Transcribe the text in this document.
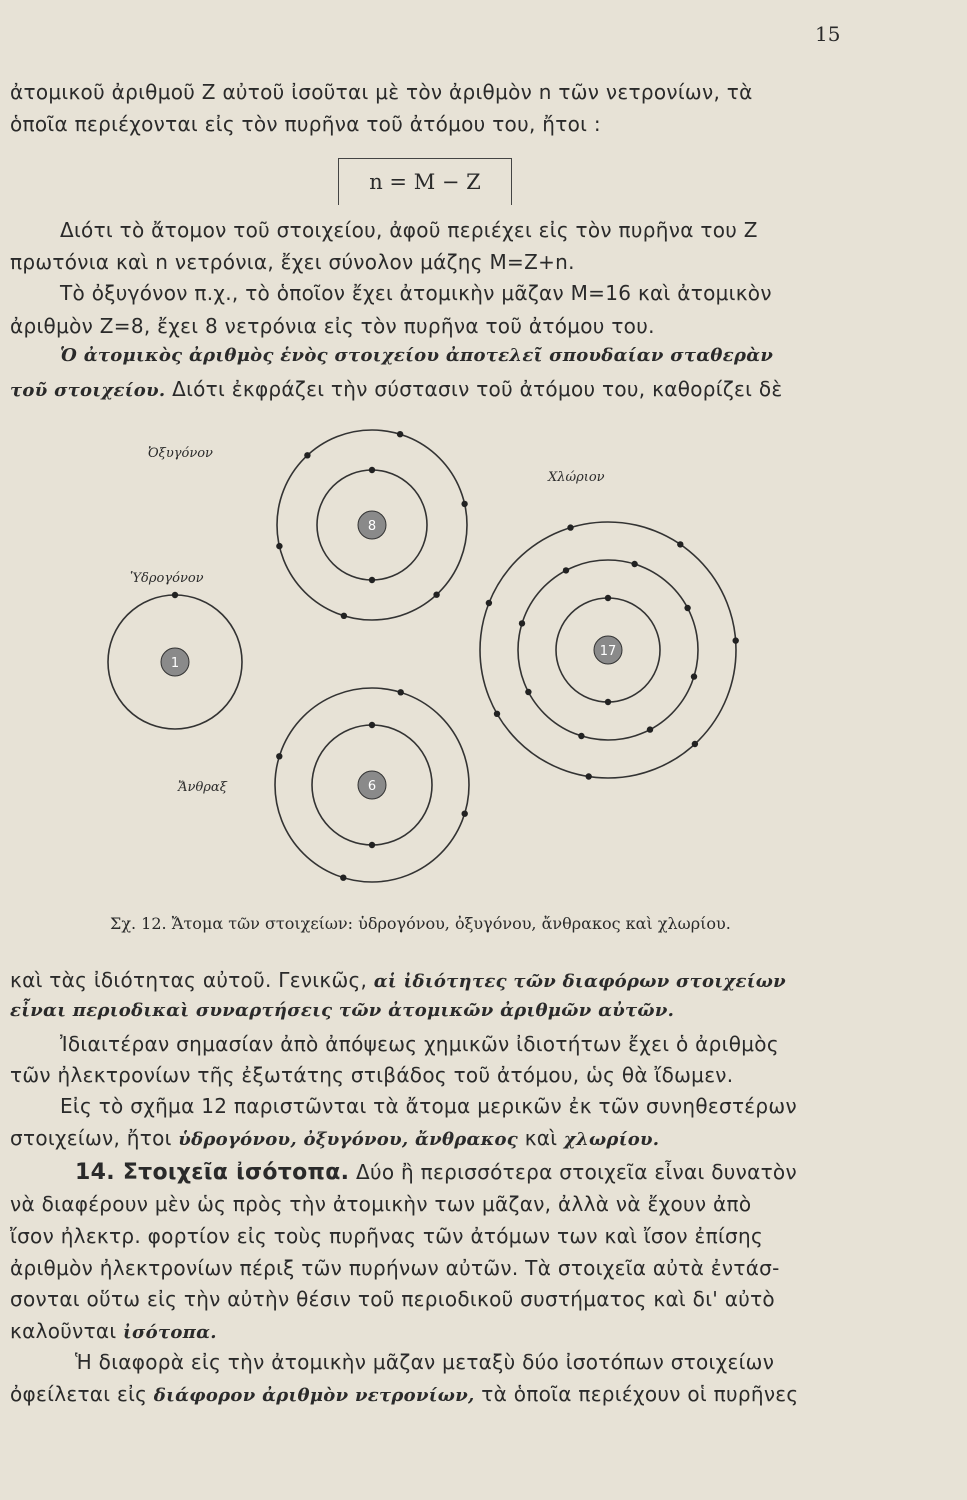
15
ἀτομικοῦ ἀριθμοῦ Z αὐτοῦ ἰσοῦται μὲ τὸν ἀριθμὸν n τῶν νετρονίων, τὰ
ὁποῖα περιέχονται εἰς τὸν πυρῆνα τοῦ ἀτόμου του, ἤτοι :
n = M − Z
Διότι τὸ ἄτομον τοῦ στοιχείου, ἀφοῦ περιέχει εἰς τὸν πυρῆνα του Z
πρωτόνια καὶ n νετρόνια, ἔχει σύνολον μάζης M=Z+n.
Τὸ ὀξυγόνον π.χ., τὸ ὁποῖον ἔχει ἀτομικὴν μᾶζαν M=16 καὶ ἀτομικὸν
ἀριθμὸν Z=8, ἔχει 8 νετρόνια εἰς τὸν πυρῆνα τοῦ ἀτόμου του.
Ὁ ἀτομικὸς ἀριθμὸς ἑνὸς στοιχείου ἀποτελεῖ σπουδαίαν σταθερὰν
τοῦ στοιχείου. Διότι ἐκφράζει τὴν σύστασιν τοῦ ἀτόμου του, καθορίζει δὲ
8
1
6
17
Ὀξυγόνον
Χλώριον
Ὑδρογόνον
Ἄνθραξ
Σχ. 12. Ἄτομα τῶν στοιχείων: ὑδρογόνου, ὀξυγόνου, ἄνθρακος καὶ χλωρίου.
καὶ τὰς ἰδιότητας αὐτοῦ. Γενικῶς, αἱ ἰδιότητες τῶν διαφόρων στοιχείων
εἶναι περιοδικαὶ συναρτήσεις τῶν ἀτομικῶν ἀριθμῶν αὐτῶν.
Ἰδιαιτέραν σημασίαν ἀπὸ ἀπόψεως χημικῶν ἰδιοτήτων ἔχει ὁ ἀριθμὸς
τῶν ἠλεκτρονίων τῆς ἐξωτάτης στιβάδος τοῦ ἀτόμου, ὡς θὰ ἴδωμεν.
Εἰς τὸ σχῆμα 12 παριστῶνται τὰ ἄτομα μερικῶν ἐκ τῶν συνηθεστέρων
στοιχείων, ἤτοι ὑδρογόνου, ὀξυγόνου, ἄνθρακος καὶ χλωρίου.
14. Στοιχεῖα ἰσότοπα. Δύο ἢ περισσότερα στοιχεῖα εἶναι δυνατὸν
νὰ διαφέρουν μὲν ὡς πρὸς τὴν ἀτομικὴν των μᾶζαν, ἀλλὰ νὰ ἔχουν ἀπὸ
ἴσον ἠλεκτρ. φορτίον εἰς τοὺς πυρῆνας τῶν ἀτόμων των καὶ ἴσον ἐπίσης
ἀριθμὸν ἠλεκτρονίων πέριξ τῶν πυρήνων αὐτῶν. Τὰ στοιχεῖα αὐτὰ ἐντάσ-
σονται οὕτω εἰς τὴν αὐτὴν θέσιν τοῦ περιοδικοῦ συστήματος καὶ δι' αὐτὸ
καλοῦνται ἰσότοπα.
Ἡ διαφορὰ εἰς τὴν ἀτομικὴν μᾶζαν μεταξὺ δύο ἰσοτόπων στοιχείων
ὀφείλεται εἰς διάφορον ἀριθμὸν νετρονίων, τὰ ὁποῖα περιέχουν οἱ πυρῆνες
